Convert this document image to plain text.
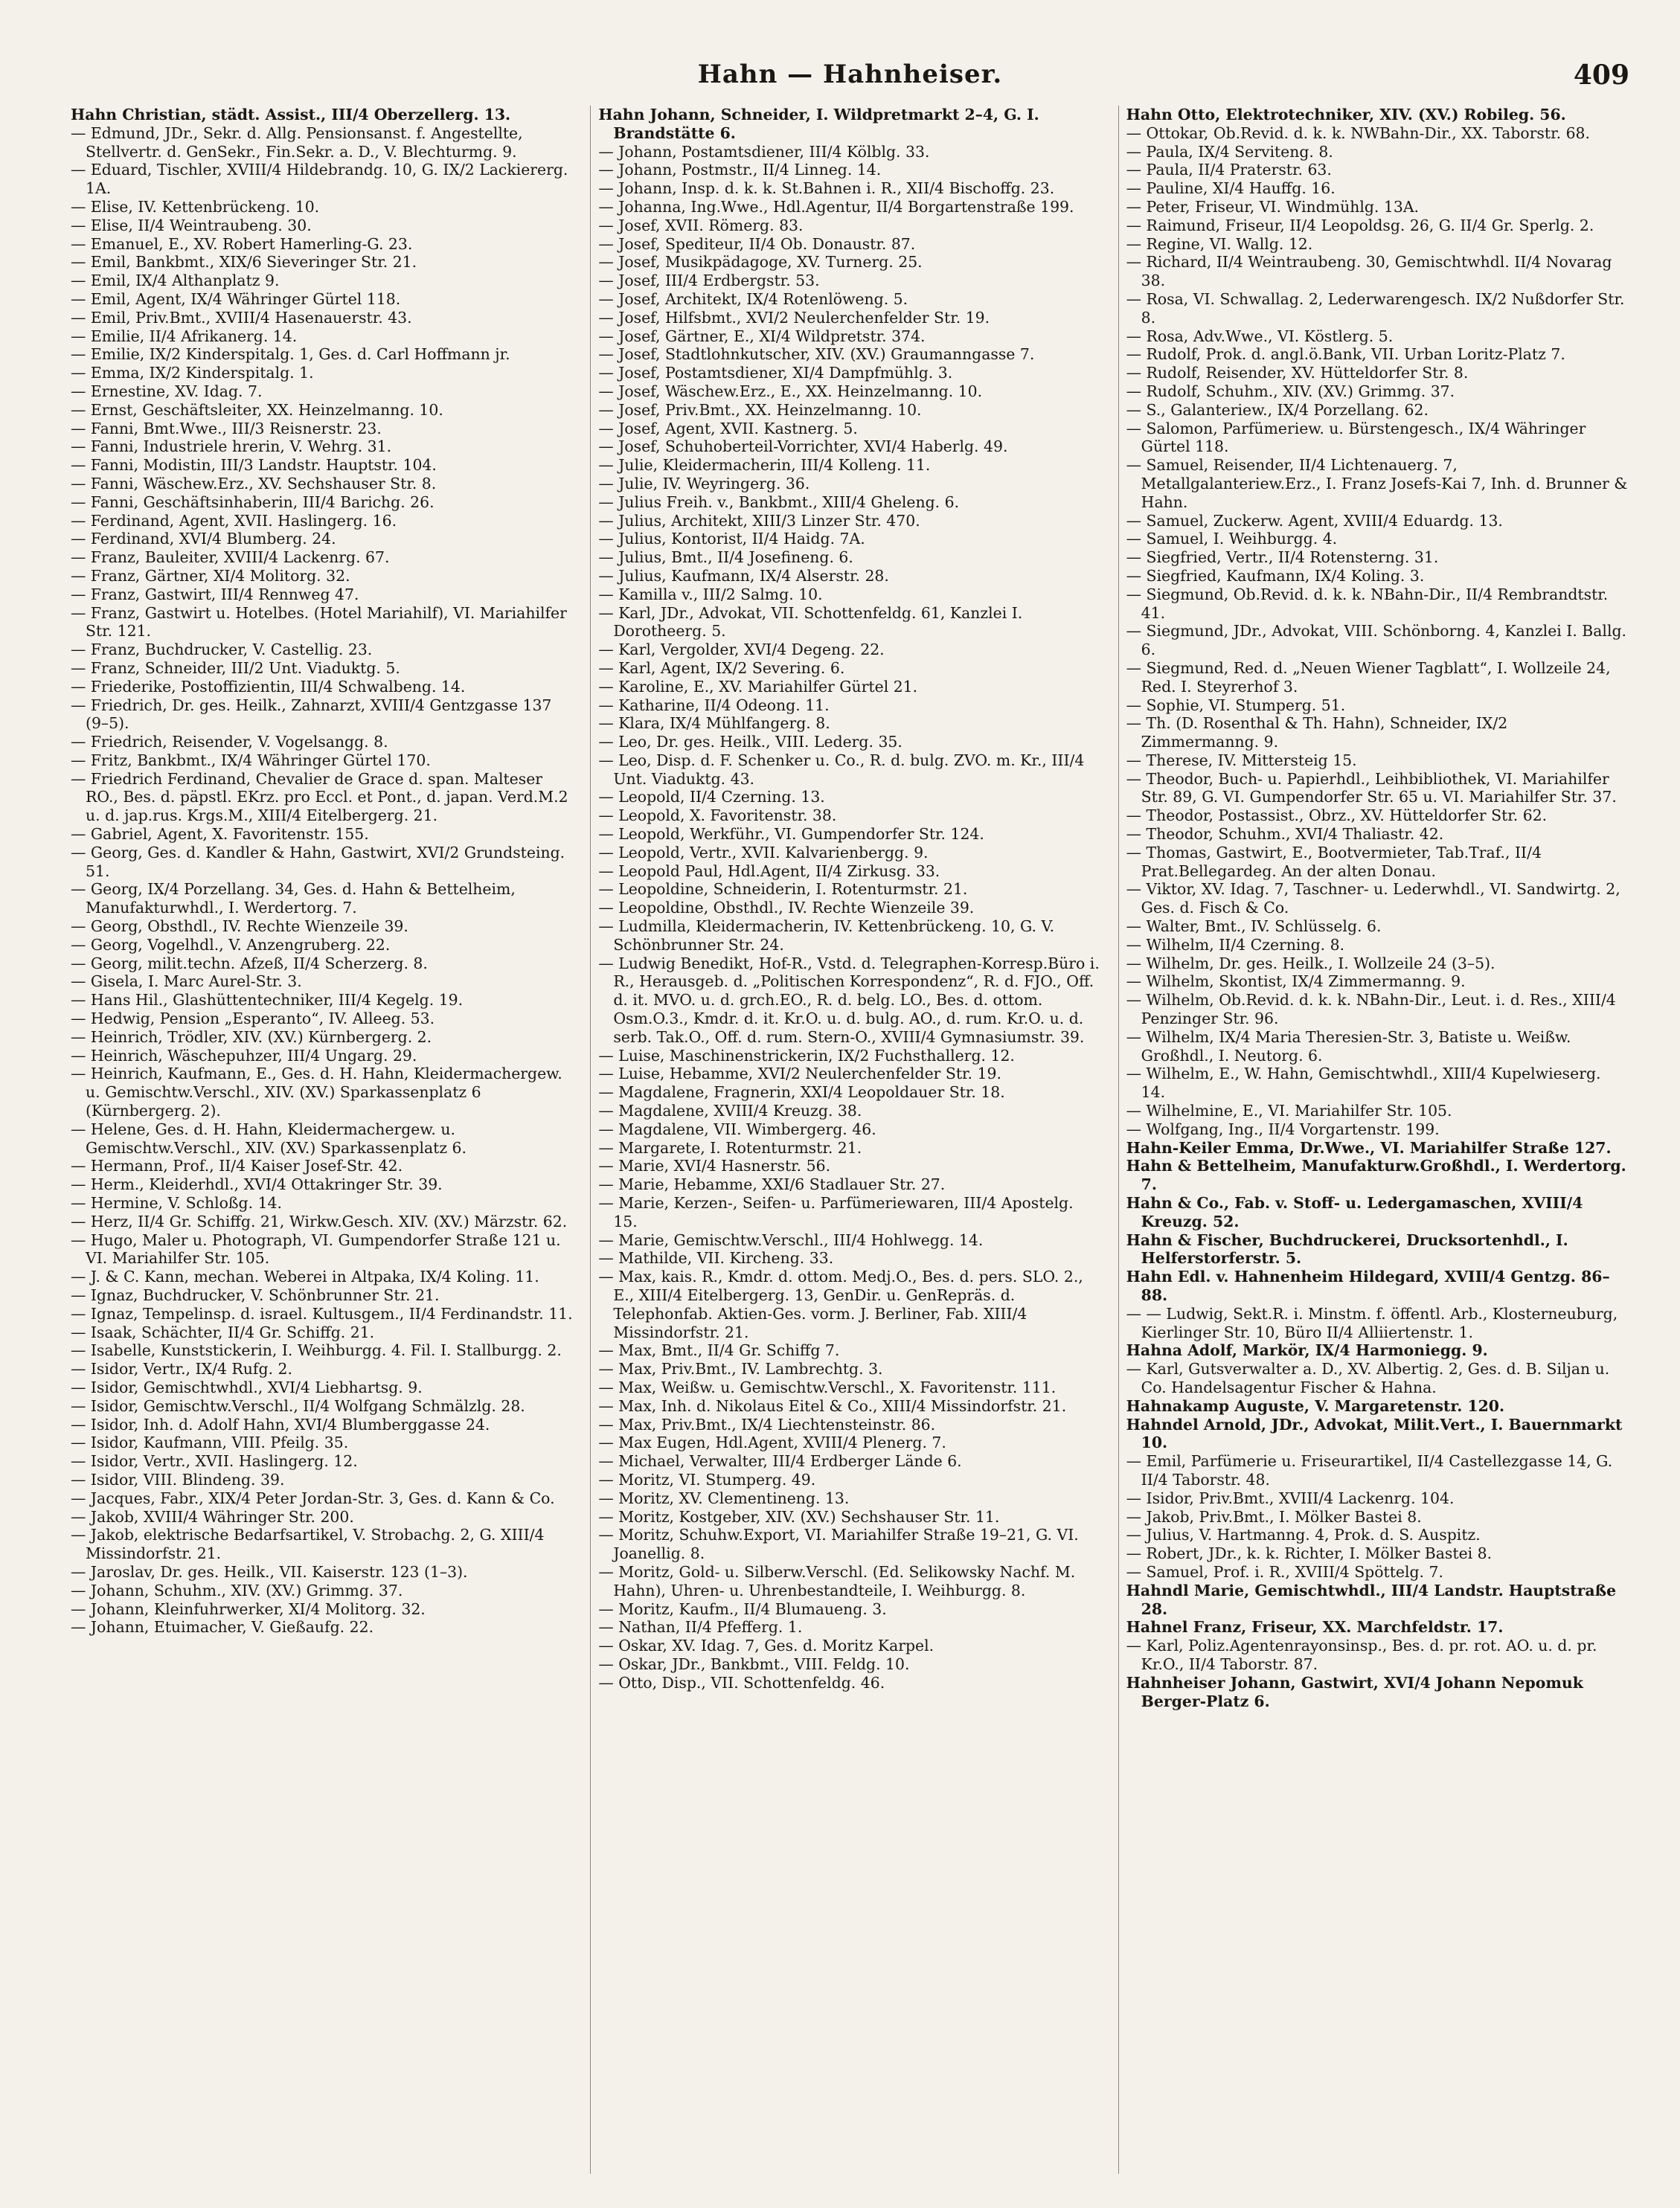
Hahn — Hahnheiser.	409
Hahn Christian, städt. Assist., III/4 Oberzellerg. 13.
— Edmund, JDr., Sekr. d. Allg. Pensionsanst. f. Angestellte, Stellvertr. d. GenSekr., Fin.Sekr. a. D., V. Blechturmg. 9.
— Eduard, Tischler, XVIII/4 Hildebrandg. 10, G. IX/2 Lackiererg. 1A.
— Elise, IV. Kettenbrückeng. 10.
— Elise, II/4 Weintraubeng. 30.
— Emanuel, E., XV. Robert Hamerling-G. 23.
— Emil, Bankbmt., XIX/6 Sieveringer Str. 21.
— Emil, IX/4 Althanplatz 9.
— Emil, Agent, IX/4 Währinger Gürtel 118.
— Emil, Priv.Bmt., XVIII/4 Hasenauerstr. 43.
— Emilie, II/4 Afrikanerg. 14.
— Emilie, IX/2 Kinderspitalg. 1, Ges. d. Carl Hoffmann jr.
— Emma, IX/2 Kinderspitalg. 1.
— Ernestine, XV. Idag. 7.
— Ernst, Geschäftsleiter, XX. Heinzelmanng. 10.
— Fanni, Bmt.Wwe., III/3 Reisnerstr. 23.
— Fanni, Industriele hrerin, V. Wehrg. 31.
— Fanni, Modistin, III/3 Landstr. Hauptstr. 104.
— Fanni, Wäschew.Erz., XV. Sechshauser Str. 8.
— Fanni, Geschäftsinhaberin, III/4 Barichg. 26.
— Ferdinand, Agent, XVII. Haslingerg. 16.
— Ferdinand, XVI/4 Blumberg. 24.
— Franz, Bauleiter, XVIII/4 Lackenrg. 67.
— Franz, Gärtner, XI/4 Molitorg. 32.
— Franz, Gastwirt, III/4 Rennweg 47.
— Franz, Gastwirt u. Hotelbes. (Hotel Mariahilf), VI. Mariahilfer Str. 121.
— Franz, Buchdrucker, V. Castellig. 23.
— Franz, Schneider, III/2 Unt. Viaduktg. 5.
— Friederike, Postoffizientin, III/4 Schwalbeng. 14.
— Friedrich, Dr. ges. Heilk., Zahnarzt, XVIII/4 Gentzgasse 137 (9–5).
— Friedrich, Reisender, V. Vogelsangg. 8.
— Fritz, Bankbmt., IX/4 Währinger Gürtel 170.
— Friedrich Ferdinand, Chevalier de Grace d. span. Malteser RO., Bes. d. päpstl. EKrz. pro Eccl. et Pont., d. japan. Verd.M.2 u. d. jap.rus. Krgs.M., XIII/4 Eitelbergerg. 21.
— Gabriel, Agent, X. Favoritenstr. 155.
— Georg, Ges. d. Kandler & Hahn, Gastwirt, XVI/2 Grundsteing. 51.
— Georg, IX/4 Porzellang. 34, Ges. d. Hahn & Bettelheim, Manufakturwhdl., I. Werdertorg. 7.
— Georg, Obsthdl., IV. Rechte Wienzeile 39.
— Georg, Vogelhdl., V. Anzengruberg. 22.
— Georg, milit.techn. Afzeß, II/4 Scherzerg. 8.
— Gisela, I. Marc Aurel-Str. 3.
— Hans Hil., Glashüttentechniker, III/4 Kegelg. 19.
— Hedwig, Pension „Esperanto“, IV. Alleeg. 53.
— Heinrich, Trödler, XIV. (XV.) Kürnbergerg. 2.
— Heinrich, Wäschepuhzer, III/4 Ungarg. 29.
— Heinrich, Kaufmann, E., Ges. d. H. Hahn, Kleidermachergew. u. Gemischtw.Verschl., XIV. (XV.) Sparkassenplatz 6 (Kürnbergerg. 2).
— Helene, Ges. d. H. Hahn, Kleidermachergew. u. Gemischtw.Verschl., XIV. (XV.) Sparkassenplatz 6.
— Hermann, Prof., II/4 Kaiser Josef-Str. 42.
— Herm., Kleiderhdl., XVI/4 Ottakringer Str. 39.
— Hermine, V. Schloßg. 14.
— Herz, II/4 Gr. Schiffg. 21, Wirkw.Gesch. XIV. (XV.) Märzstr. 62.
— Hugo, Maler u. Photograph, VI. Gumpendorfer Straße 121 u. VI. Mariahilfer Str. 105.
— J. & C. Kann, mechan. Weberei in Altpaka, IX/4 Koling. 11.
— Ignaz, Buchdrucker, V. Schönbrunner Str. 21.
— Ignaz, Tempelinsp. d. israel. Kultusgem., II/4 Ferdinandstr. 11.
— Isaak, Schächter, II/4 Gr. Schiffg. 21.
— Isabelle, Kunststickerin, I. Weihburgg. 4. Fil. I. Stallburgg. 2.
— Isidor, Vertr., IX/4 Rufg. 2.
— Isidor, Gemischtwhdl., XVI/4 Liebhartsg. 9.
— Isidor, Gemischtw.Verschl., II/4 Wolfgang Schmälzlg. 28.
— Isidor, Inh. d. Adolf Hahn, XVI/4 Blumberggasse 24.
— Isidor, Kaufmann, VIII. Pfeilg. 35.
— Isidor, Vertr., XVII. Haslingerg. 12.
— Isidor, VIII. Blindeng. 39.
— Jacques, Fabr., XIX/4 Peter Jordan-Str. 3, Ges. d. Kann & Co.
— Jakob, XVIII/4 Währinger Str. 200.
— Jakob, elektrische Bedarfsartikel, V. Strobachg. 2, G. XIII/4 Missindorfstr. 21.
— Jaroslav, Dr. ges. Heilk., VII. Kaiserstr. 123 (1–3).
— Johann, Schuhm., XIV. (XV.) Grimmg. 37.
— Johann, Kleinfuhrwerker, XI/4 Molitorg. 32.
— Johann, Etuimacher, V. Gießaufg. 22.
Hahn Johann, Schneider, I. Wildpretmarkt 2–4, G. I. Brandstätte 6.
— Johann, Postamtsdiener, III/4 Kölblg. 33.
— Johann, Postmstr., II/4 Linneg. 14.
— Johann, Insp. d. k. k. St.Bahnen i. R., XII/4 Bischoffg. 23.
— Johanna, Ing.Wwe., Hdl.Agentur, II/4 Borgartenstraße 199.
— Josef, XVII. Römerg. 83.
— Josef, Spediteur, II/4 Ob. Donaustr. 87.
— Josef, Musikpädagoge, XV. Turnerg. 25.
— Josef, III/4 Erdbergstr. 53.
— Josef, Architekt, IX/4 Rotenlöweng. 5.
— Josef, Hilfsbmt., XVI/2 Neulerchenfelder Str. 19.
— Josef, Gärtner, E., XI/4 Wildpretstr. 374.
— Josef, Stadtlohnkutscher, XIV. (XV.) Graumanngasse 7.
— Josef, Postamtsdiener, XI/4 Dampfmühlg. 3.
— Josef, Wäschew.Erz., E., XX. Heinzelmanng. 10.
— Josef, Priv.Bmt., XX. Heinzelmanng. 10.
— Josef, Agent, XVII. Kastnerg. 5.
— Josef, Schuhoberteil-Vorrichter, XVI/4 Haberlg. 49.
— Julie, Kleidermacherin, III/4 Kolleng. 11.
— Julie, IV. Weyringerg. 36.
— Julius Freih. v., Bankbmt., XIII/4 Gheleng. 6.
— Julius, Architekt, XIII/3 Linzer Str. 470.
— Julius, Kontorist, II/4 Haidg. 7A.
— Julius, Bmt., II/4 Josefineng. 6.
— Julius, Kaufmann, IX/4 Alserstr. 28.
— Kamilla v., III/2 Salmg. 10.
— Karl, JDr., Advokat, VII. Schottenfeldg. 61, Kanzlei I. Dorotheerg. 5.
— Karl, Vergolder, XVI/4 Degeng. 22.
— Karl, Agent, IX/2 Severing. 6.
— Karoline, E., XV. Mariahilfer Gürtel 21.
— Katharine, II/4 Odeong. 11.
— Klara, IX/4 Mühlfangerg. 8.
— Leo, Dr. ges. Heilk., VIII. Lederg. 35.
— Leo, Disp. d. F. Schenker u. Co., R. d. bulg. ZVO. m. Kr., III/4 Unt. Viaduktg. 43.
— Leopold, II/4 Czerning. 13.
— Leopold, X. Favoritenstr. 38.
— Leopold, Werkführ., VI. Gumpendorfer Str. 124.
— Leopold, Vertr., XVII. Kalvarienbergg. 9.
— Leopold Paul, Hdl.Agent, II/4 Zirkusg. 33.
— Leopoldine, Schneiderin, I. Rotenturmstr. 21.
— Leopoldine, Obsthdl., IV. Rechte Wienzeile 39.
— Ludmilla, Kleidermacherin, IV. Kettenbrückeng. 10, G. V. Schönbrunner Str. 24.
— Ludwig Benedikt, Hof-R., Vstd. d. Telegraphen-Korresp.Büro i. R., Herausgeb. d. „Politischen Korrespondenz“, R. d. FJO., Off. d. it. MVO. u. d. grch.EO., R. d. belg. LO., Bes. d. ottom. Osm.O.3., Kmdr. d. it. Kr.O. u. d. bulg. AO., d. rum. Kr.O. u. d. serb. Tak.O., Off. d. rum. Stern-O., XVIII/4 Gymnasiumstr. 39.
— Luise, Maschinenstrickerin, IX/2 Fuchsthallerg. 12.
— Luise, Hebamme, XVI/2 Neulerchenfelder Str. 19.
— Magdalene, Fragnerin, XXI/4 Leopoldauer Str. 18.
— Magdalene, XVIII/4 Kreuzg. 38.
— Magdalene, VII. Wimbergerg. 46.
— Margarete, I. Rotenturmstr. 21.
— Marie, XVI/4 Hasnerstr. 56.
— Marie, Hebamme, XXI/6 Stadlauer Str. 27.
— Marie, Kerzen-, Seifen- u. Parfümeriewaren, III/4 Apostelg. 15.
— Marie, Gemischtw.Verschl., III/4 Hohlwegg. 14.
— Mathilde, VII. Kircheng. 33.
— Max, kais. R., Kmdr. d. ottom. Medj.O., Bes. d. pers. SLO. 2., E., XIII/4 Eitelbergerg. 13, GenDir. u. GenRepräs. d. Telephonfab. Aktien-Ges. vorm. J. Berliner, Fab. XIII/4 Missindorfstr. 21.
— Max, Bmt., II/4 Gr. Schiffg 7.
— Max, Priv.Bmt., IV. Lambrechtg. 3.
— Max, Weißw. u. Gemischtw.Verschl., X. Favoritenstr. 111.
— Max, Inh. d. Nikolaus Eitel & Co., XIII/4 Missindorfstr. 21.
— Max, Priv.Bmt., IX/4 Liechtensteinstr. 86.
— Max Eugen, Hdl.Agent, XVIII/4 Plenerg. 7.
— Michael, Verwalter, III/4 Erdberger Lände 6.
— Moritz, VI. Stumperg. 49.
— Moritz, XV. Clementineng. 13.
— Moritz, Kostgeber, XIV. (XV.) Sechshauser Str. 11.
— Moritz, Schuhw.Export, VI. Mariahilfer Straße 19–21, G. VI. Joanellig. 8.
— Moritz, Gold- u. Silberw.Verschl. (Ed. Selikowsky Nachf. M. Hahn), Uhren- u. Uhrenbestandteile, I. Weihburgg. 8.
— Moritz, Kaufm., II/4 Blumaueng. 3.
— Nathan, II/4 Pfefferg. 1.
— Oskar, XV. Idag. 7, Ges. d. Moritz Karpel.
— Oskar, JDr., Bankbmt., VIII. Feldg. 10.
— Otto, Disp., VII. Schottenfeldg. 46.
Hahn Otto, Elektrotechniker, XIV. (XV.) Robileg. 56.
— Ottokar, Ob.Revid. d. k. k. NWBahn-Dir., XX. Taborstr. 68.
— Paula, IX/4 Serviteng. 8.
— Paula, II/4 Praterstr. 63.
— Pauline, XI/4 Hauffg. 16.
— Peter, Friseur, VI. Windmühlg. 13A.
— Raimund, Friseur, II/4 Leopoldsg. 26, G. II/4 Gr. Sperlg. 2.
— Regine, VI. Wallg. 12.
— Richard, II/4 Weintraubeng. 30, Gemischtwhdl. II/4 Novarag 38.
— Rosa, VI. Schwallag. 2, Lederwarengesch. IX/2 Nußdorfer Str. 8.
— Rosa, Adv.Wwe., VI. Köstlerg. 5.
— Rudolf, Prok. d. angl.ö.Bank, VII. Urban Loritz-Platz 7.
— Rudolf, Reisender, XV. Hütteldorfer Str. 8.
— Rudolf, Schuhm., XIV. (XV.) Grimmg. 37.
— S., Galanteriew., IX/4 Porzellang. 62.
— Salomon, Parfümeriew. u. Bürstengesch., IX/4 Währinger Gürtel 118.
— Samuel, Reisender, II/4 Lichtenauerg. 7, Metallgalanteriew.Erz., I. Franz Josefs-Kai 7, Inh. d. Brunner & Hahn.
— Samuel, Zuckerw. Agent, XVIII/4 Eduardg. 13.
— Samuel, I. Weihburgg. 4.
— Siegfried, Vertr., II/4 Rotensterng. 31.
— Siegfried, Kaufmann, IX/4 Koling. 3.
— Siegmund, Ob.Revid. d. k. k. NBahn-Dir., II/4 Rembrandtstr. 41.
— Siegmund, JDr., Advokat, VIII. Schönborng. 4, Kanzlei I. Ballg. 6.
— Siegmund, Red. d. „Neuen Wiener Tagblatt“, I. Wollzeile 24, Red. I. Steyrerhof 3.
— Sophie, VI. Stumperg. 51.
— Th. (D. Rosenthal & Th. Hahn), Schneider, IX/2 Zimmermanng. 9.
— Therese, IV. Mittersteig 15.
— Theodor, Buch- u. Papierhdl., Leihbibliothek, VI. Mariahilfer Str. 89, G. VI. Gumpendorfer Str. 65 u. VI. Mariahilfer Str. 37.
— Theodor, Postassist., Obrz., XV. Hütteldorfer Str. 62.
— Theodor, Schuhm., XVI/4 Thaliastr. 42.
— Thomas, Gastwirt, E., Bootvermieter, Tab.Traf., II/4 Prat.Bellegardeg. An der alten Donau.
— Viktor, XV. Idag. 7, Taschner- u. Lederwhdl., VI. Sandwirtg. 2, Ges. d. Fisch & Co.
— Walter, Bmt., IV. Schlüsselg. 6.
— Wilhelm, II/4 Czerning. 8.
— Wilhelm, Dr. ges. Heilk., I. Wollzeile 24 (3–5).
— Wilhelm, Skontist, IX/4 Zimmermanng. 9.
— Wilhelm, Ob.Revid. d. k. k. NBahn-Dir., Leut. i. d. Res., XIII/4 Penzinger Str. 96.
— Wilhelm, IX/4 Maria Theresien-Str. 3, Batiste u. Weißw. Großhdl., I. Neutorg. 6.
— Wilhelm, E., W. Hahn, Gemischtwhdl., XIII/4 Kupelwieserg. 14.
— Wilhelmine, E., VI. Mariahilfer Str. 105.
— Wolfgang, Ing., II/4 Vorgartenstr. 199.
Hahn-Keiler Emma, Dr.Wwe., VI. Mariahilfer Straße 127.
Hahn & Bettelheim, Manufakturw.Großhdl., I. Werdertorg. 7.
Hahn & Co., Fab. v. Stoff- u. Ledergamaschen, XVIII/4 Kreuzg. 52.
Hahn & Fischer, Buchdruckerei, Drucksortenhdl., I. Helferstorferstr. 5.
Hahn Edl. v. Hahnenheim Hildegard, XVIII/4 Gentzg. 86–88.
— — Ludwig, Sekt.R. i. Minstm. f. öffentl. Arb., Klosterneuburg, Kierlinger Str. 10, Büro II/4 Alliiertenstr. 1.
Hahna Adolf, Markör, IX/4 Harmoniegg. 9.
— Karl, Gutsverwalter a. D., XV. Albertig. 2, Ges. d. B. Siljan u. Co. Handelsagentur Fischer & Hahna.
Hahnakamp Auguste, V. Margaretenstr. 120.
Hahndel Arnold, JDr., Advokat, Milit.Vert., I. Bauernmarkt 10.
— Emil, Parfümerie u. Friseurartikel, II/4 Castellezgasse 14, G. II/4 Taborstr. 48.
— Isidor, Priv.Bmt., XVIII/4 Lackenrg. 104.
— Jakob, Priv.Bmt., I. Mölker Bastei 8.
— Julius, V. Hartmanng. 4, Prok. d. S. Auspitz.
— Robert, JDr., k. k. Richter, I. Mölker Bastei 8.
— Samuel, Prof. i. R., XVIII/4 Spöttelg. 7.
Hahndl Marie, Gemischtwhdl., III/4 Landstr. Hauptstraße 28.
Hahnel Franz, Friseur, XX. Marchfeldstr. 17.
— Karl, Poliz.Agentenrayonsinsp., Bes. d. pr. rot. AO. u. d. pr. Kr.O., II/4 Taborstr. 87.
Hahnheiser Johann, Gastwirt, XVI/4 Johann Nepomuk Berger-Platz 6.
